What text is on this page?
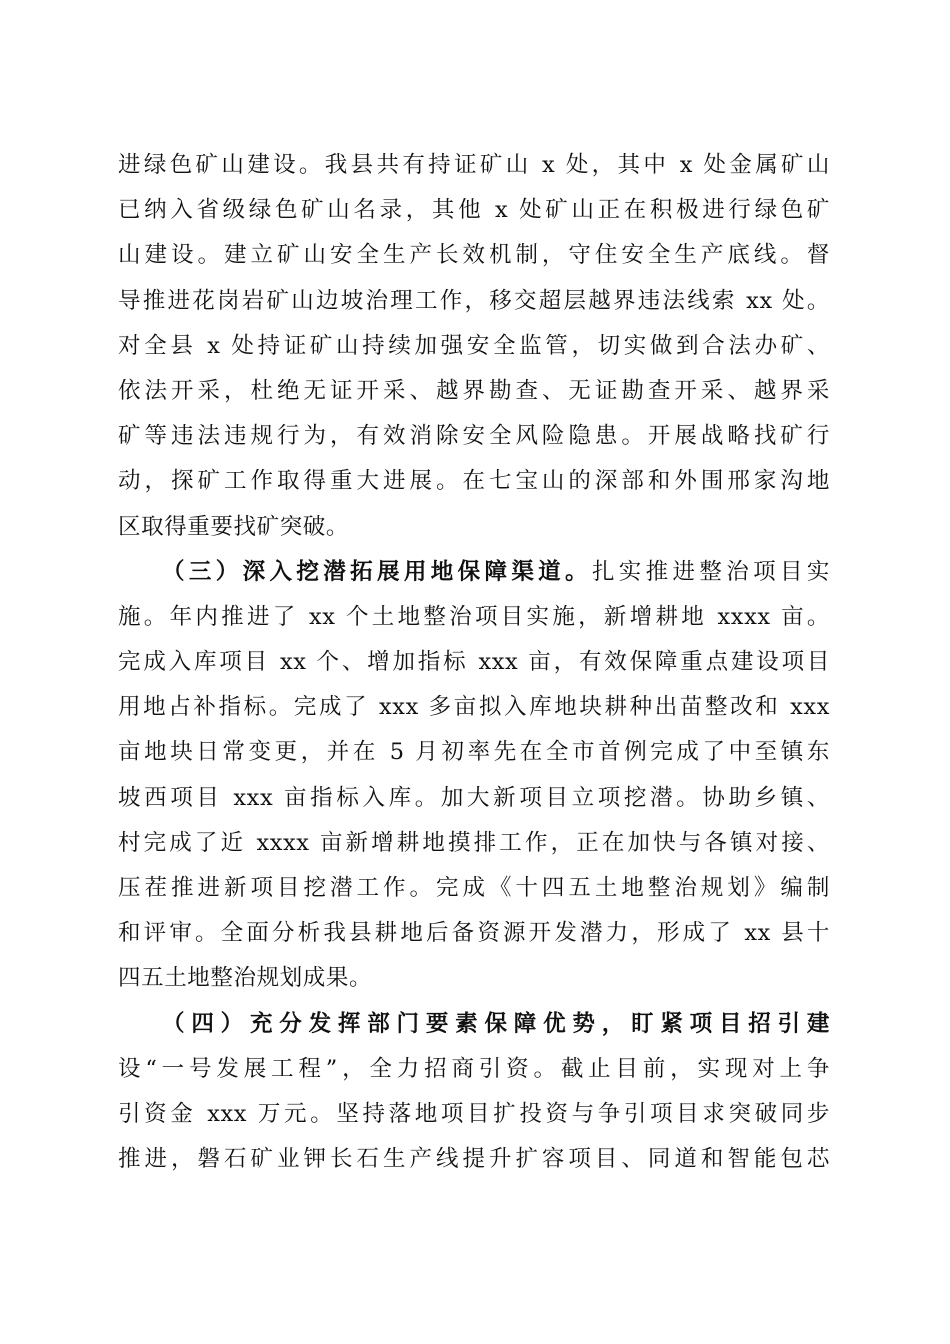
进绿色矿山建设。我县共有持证矿山 x 处，其中 x 处金属矿山
已纳入省级绿色矿山名录，其他 x 处矿山正在积极进行绿色矿
山建设。建立矿山安全生产长效机制，守住安全生产底线。督
导推进花岗岩矿山边坡治理工作，移交超层越界违法线索 xx 处。
对全县 x 处持证矿山持续加强安全监管，切实做到合法办矿、
依法开采，杜绝无证开采、越界勘查、无证勘查开采、越界采
矿等违法违规行为，有效消除安全风险隐患。开展战略找矿行
动，探矿工作取得重大进展。在七宝山的深部和外围邢家沟地
区取得重要找矿突破。
（三）深入挖潜拓展用地保障渠道。扎实推进整治项目实
施。年内推进了 xx 个土地整治项目实施，新增耕地 xxxx 亩。
完成入库项目 xx 个、增加指标 xxx 亩，有效保障重点建设项目
用地占补指标。完成了 xxx 多亩拟入库地块耕种出苗整改和 xxx
亩地块日常变更，并在 5 月初率先在全市首例完成了中至镇东
坡西项目 xxx 亩指标入库。加大新项目立项挖潜。协助乡镇、
村完成了近 xxxx 亩新增耕地摸排工作，正在加快与各镇对接、
压茬推进新项目挖潜工作。完成《十四五土地整治规划》编制
和评审。全面分析我县耕地后备资源开发潜力，形成了 xx 县十
四五土地整治规划成果。
（四）充分发挥部门要素保障优势，盯紧项目招引建
设“一号发展工程”，全力招商引资。截止目前，实现对上争
引资金 xxx 万元。坚持落地项目扩投资与争引项目求突破同步
推进，磐石矿业钾长石生产线提升扩容项目、同道和智能包芯
